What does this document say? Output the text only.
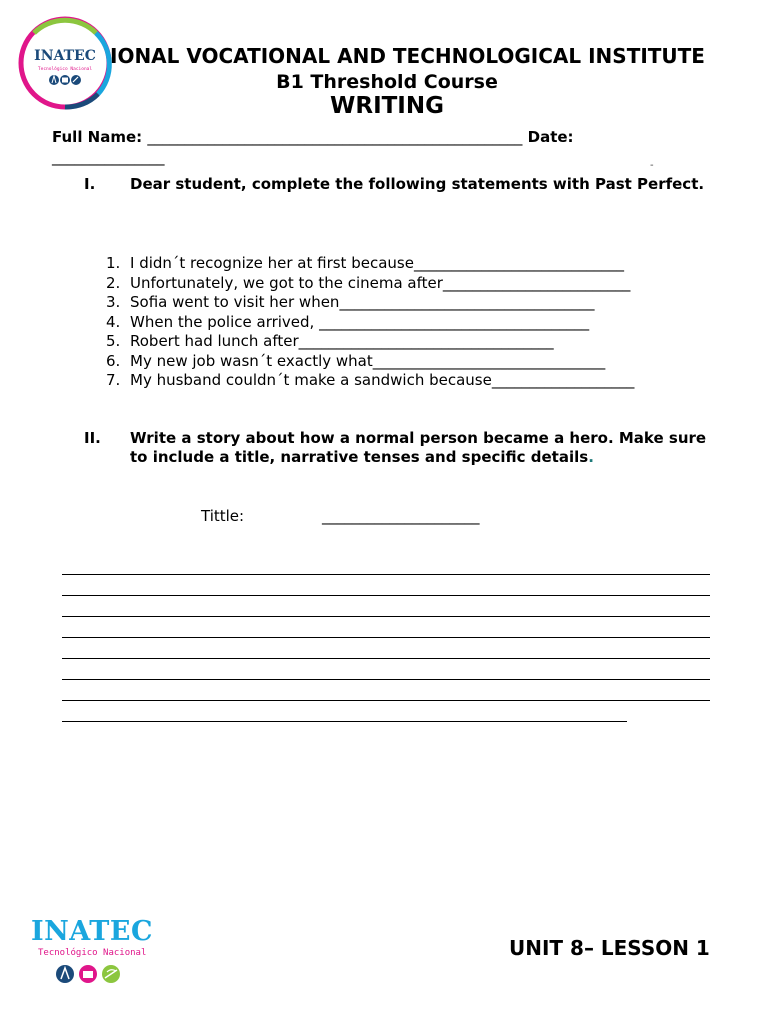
INATEC
Tecnológico Nacional
IONAL VOCATIONAL AND TECHNOLOGICAL INSTITUTE
B1 Threshold Course
WRITING
Full Name: __________________________________________________ Date:
_______________	-
I. Dear student, complete the following statements with Past Perfect.
1. I didn´t recognize her at first because____________________________
2. Unfortunately, we got to the cinema after_________________________
3. Sofia went to visit her when__________________________________
4. When the police arrived, ____________________________________
5. Robert had lunch after__________________________________
6. My new job wasn´t exactly what_______________________________
7. My husband couldn´t make a sandwich because___________________
II. Write a story about how a normal person became a hero. Make sure to include a title, narrative tenses and specific details.
Tittle:	_____________________
INATEC
Tecnológico Nacional	UNIT 8– LESSON 1
